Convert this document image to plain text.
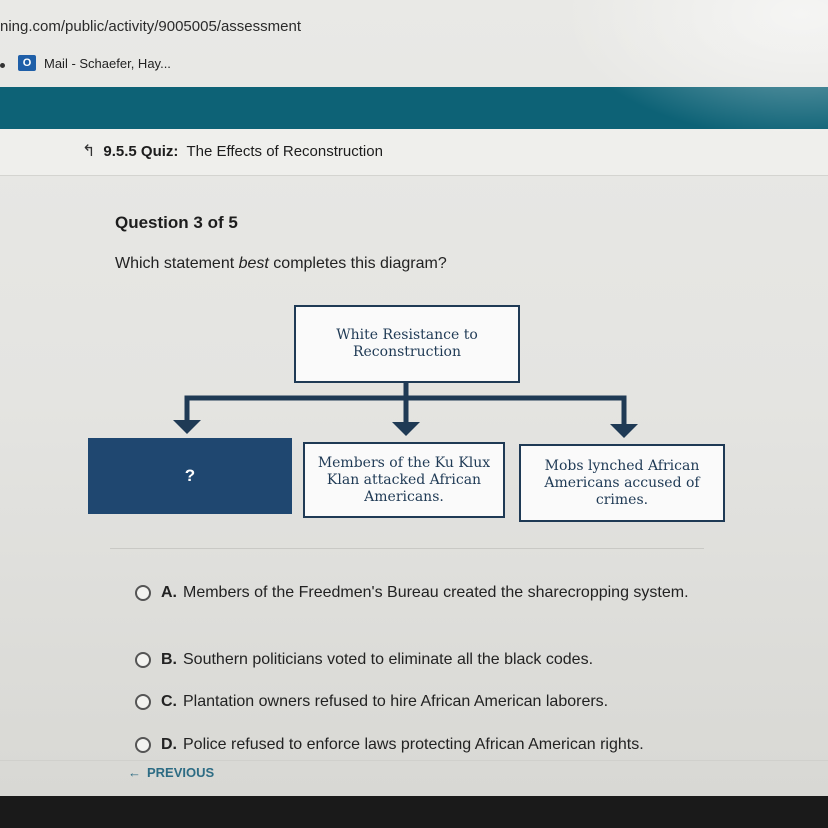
ning.com/public/activity/9005005/assessment
O Mail - Schaefer, Hay...
↰ 9.5.5 Quiz: The Effects of Reconstruction
Question 3 of 5
Which statement best completes this diagram?
White Resistance to Reconstruction
?
Members of the Ku Klux Klan attacked African Americans.
Mobs lynched African Americans accused of crimes.
A. Members of the Freedmen's Bureau created the sharecropping system.
B. Southern politicians voted to eliminate all the black codes.
C. Plantation owners refused to hire African American laborers.
D. Police refused to enforce laws protecting African American rights.
← PREVIOUS
